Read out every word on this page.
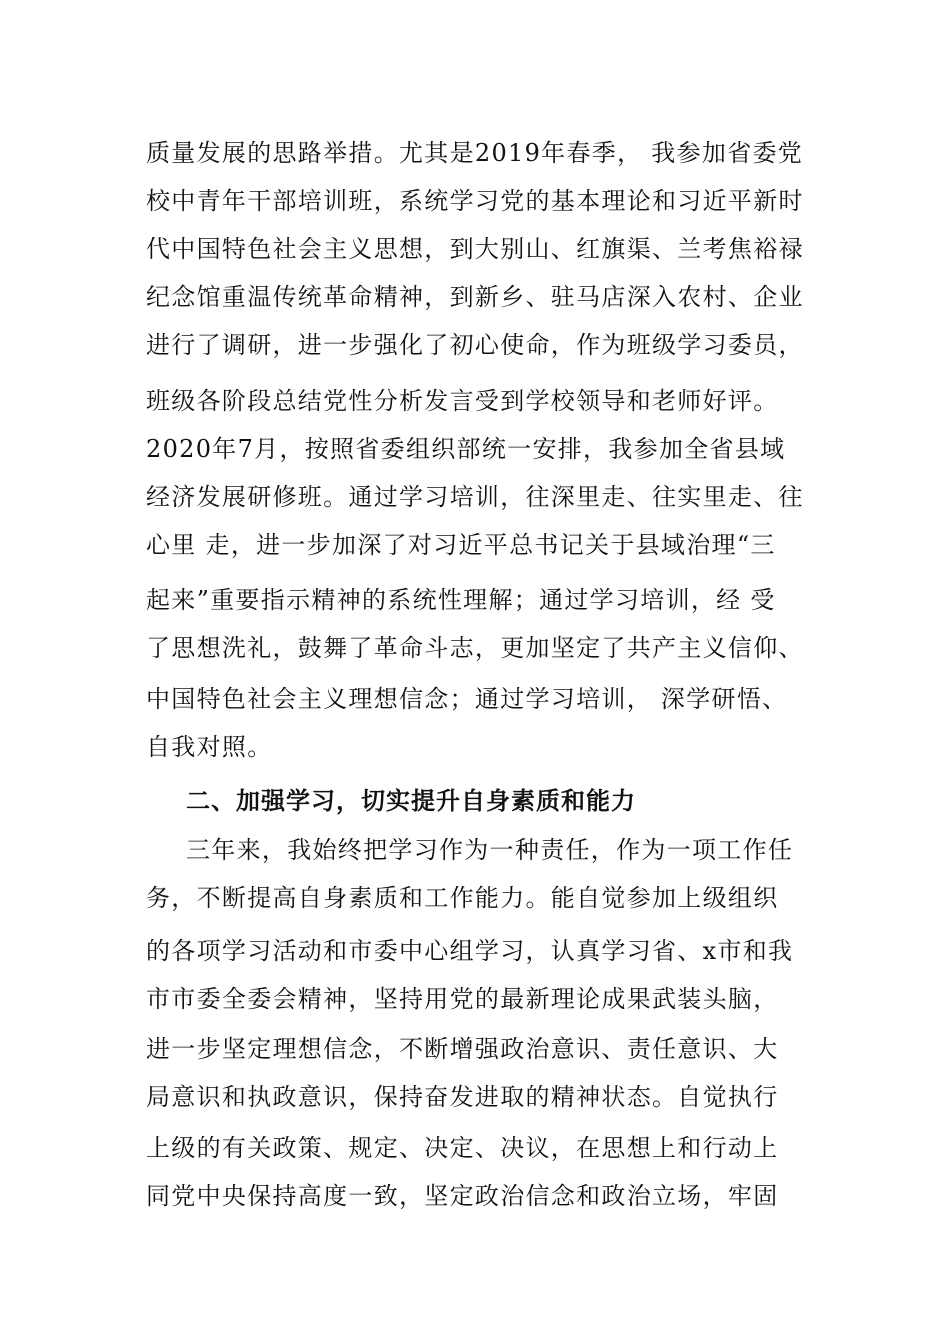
质量发展的思路举措。尤其是2019年春季， 我参加省委党
校中青年干部培训班，系统学习党的基本理论和习近平新时
代中国特色社会主义思想，到大别山、红旗渠、兰考焦裕禄
纪念馆重温传统革命精神，到新乡、驻马店深入农村、企业
进行了调研，进一步强化了初心使命，作为班级学习委员，
班级各阶段总结党性分析发言受到学校领导和老师好评。
2020年7月，按照省委组织部统一安排，我参加全省县域
经济发展研修班。通过学习培训，往深里走、往实里走、往
心里 走，进一步加深了对习近平总书记关于县域治理“三
起来”重要指示精神的系统性理解；通过学习培训，经 受
了思想洗礼，鼓舞了革命斗志，更加坚定了共产主义信仰、
中国特色社会主义理想信念；通过学习培训， 深学研悟、
自我对照。
二、加强学习，切实提升自身素质和能力
三年来，我始终把学习作为一种责任，作为一项工作任
务，不断提高自身素质和工作能力。能自觉参加上级组织
的各项学习活动和市委中心组学习，认真学习省、x市和我
市市委全委会精神，坚持用党的最新理论成果武装头脑，
进一步坚定理想信念，不断增强政治意识、责任意识、大
局意识和执政意识，保持奋发进取的精神状态。自觉执行
上级的有关政策、规定、决定、决议，在思想上和行动上
同党中央保持高度一致，坚定政治信念和政治立场，牢固
